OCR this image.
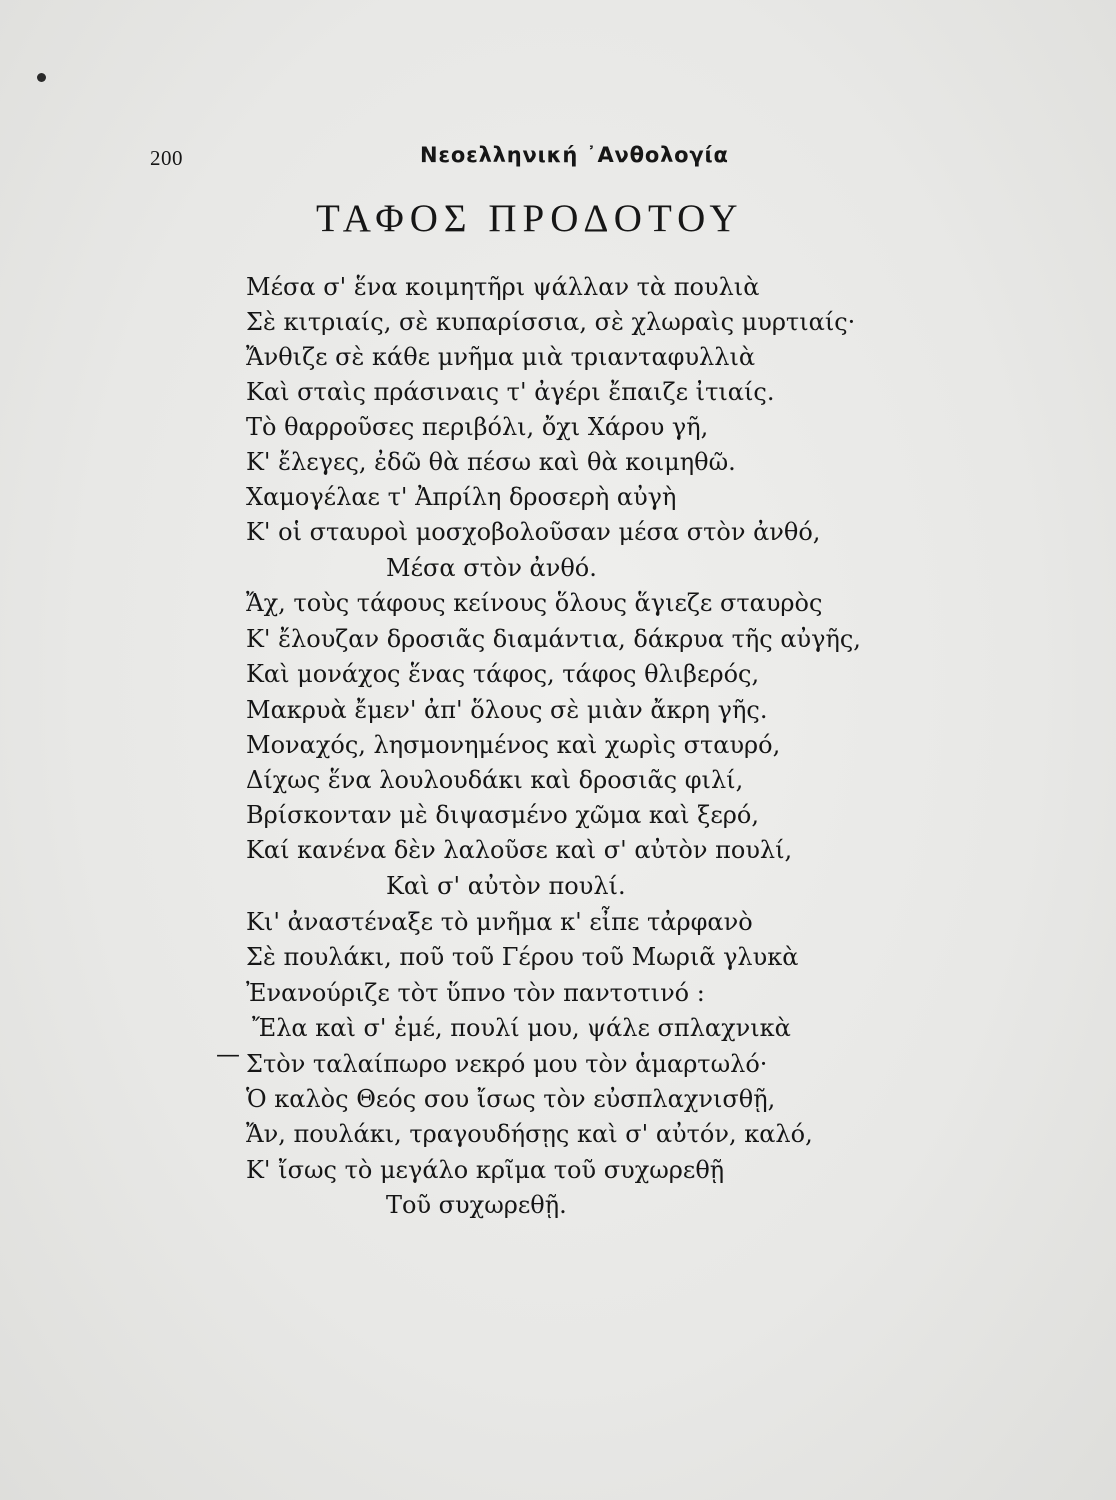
200	Νεοελληνική ᾿Ανθολογία
ΤΑΦΟΣ ΠΡΟΔΟΤΟΥ
—
Μέσα σ' ἕνα κοιμητῆρι ψάλλαν τὰ πουλιὰ
Σὲ κιτριαίς, σὲ κυπαρίσσια, σὲ χλωραὶς μυρτιαίς·
Ἄνθιζε σὲ κάθε μνῆμα μιὰ τριανταφυλλιὰ
Καὶ σταὶς πράσιναις τ' ἀγέρι ἔπαιζε ἰτιαίς.
Τὸ θαρροῦσες περιβόλι, ὄχι Χάρου γῆ,
Κ' ἔλεγες, ἐδῶ θὰ πέσω καὶ θὰ κοιμηθῶ.
Χαμογέλαε τ' Ἀπρίλη δροσερὴ αὐγὴ
Κ' οἱ σταυροὶ μοσχοβολοῦσαν μέσα στὸν ἀνθό,
Μέσα στὸν ἀνθό.
Ἄχ, τοὺς τάφους κείνους ὅλους ἅγιεζε σταυρὸς
Κ' ἔλουζαν δροσιᾶς διαμάντια, δάκρυα τῆς αὐγῆς,
Καὶ μονάχος ἕνας τάφος, τάφος θλιβερός,
Μακρυὰ ἔμεν' ἀπ' ὅλους σὲ μιὰν ἄκρη γῆς.
Μοναχός, λησμονημένος καὶ χωρὶς σταυρό,
Δίχως ἕνα λουλουδάκι καὶ δροσιᾶς φιλί,
Βρίσκονταν μὲ διψασμένο χῶμα καὶ ξερό,
Καί κανένα δὲν λαλοῦσε καὶ σ' αὐτὸν πουλί,
Καὶ σ' αὐτὸν πουλί.
Κι' ἀναστέναξε τὸ μνῆμα κ' εἶπε τἀρφανὸ
Σὲ πουλάκι, ποῦ τοῦ Γέρου τοῦ Μωριᾶ γλυκὰ
Ἐνανούριζε τὸτ ὕπνο τὸν παντοτινό :
Ἔλα καὶ σ' ἐμέ, πουλί μου, ψάλε σπλαχνικὰ
Στὸν ταλαίπωρο νεκρό μου τὸν ἁμαρτωλό·
Ὁ καλὸς Θεός σου ἴσως τὸν εὐσπλαχνισθῇ,
Ἄν, πουλάκι, τραγουδήσῃς καὶ σ' αὐτόν, καλό,
Κ' ἴσως τὸ μεγάλο κρῖμα τοῦ συχωρεθῇ
Τοῦ συχωρεθῇ.
